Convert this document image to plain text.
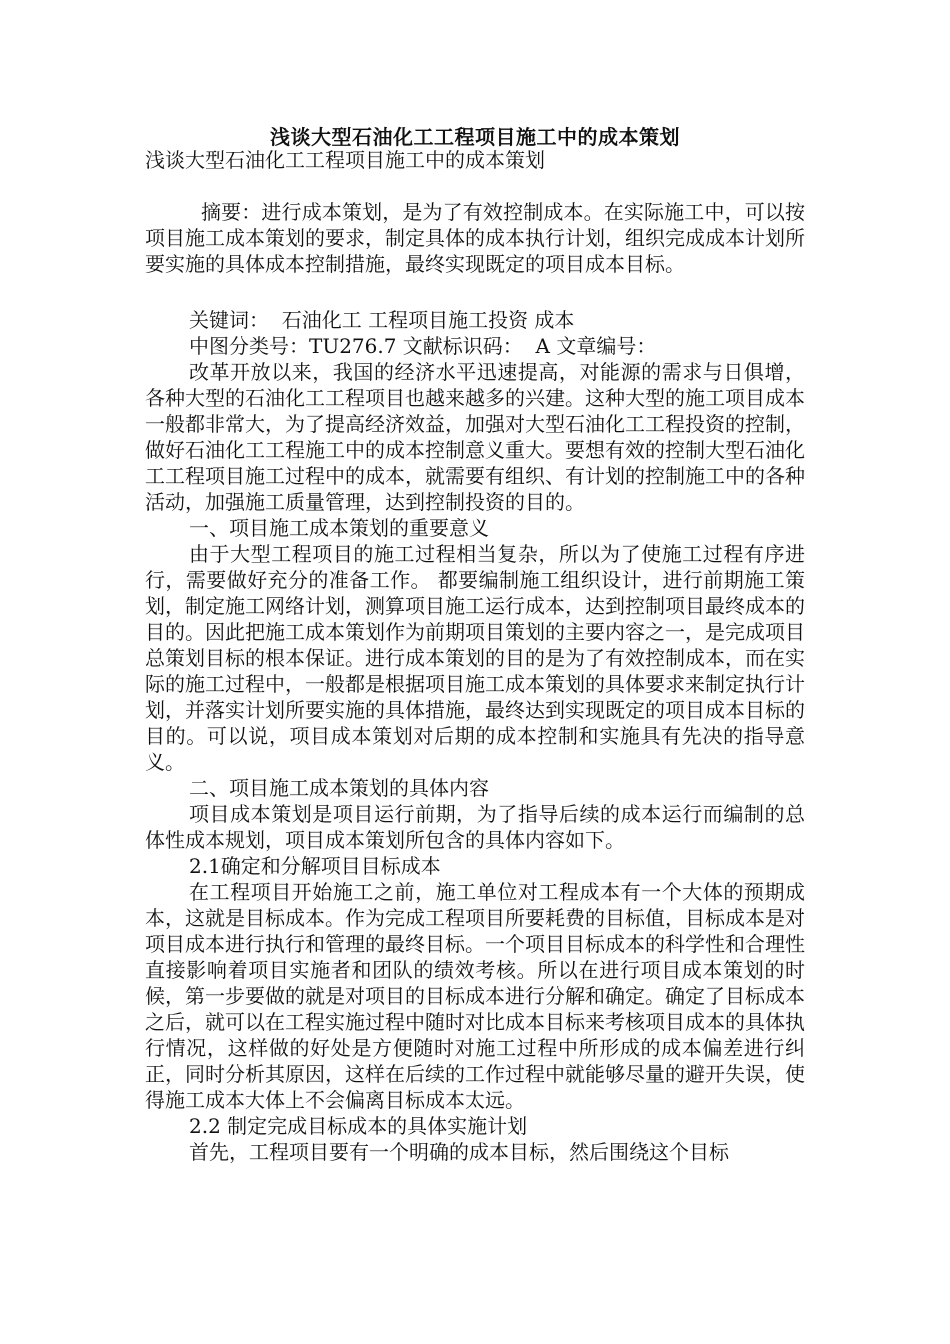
浅谈大型石油化工工程项目施工中的成本策划

浅谈大型石油化工工程项目施工中的成本策划

摘要：进行成本策划，是为了有效控制成本。在实际施工中，可以按项目施工成本策划的要求，制定具体的成本执行计划，组织完成成本计划所要实施的具体成本控制措施，最终实现既定的项目成本目标。

关键词：  石油化工 工程项目施工投资 成本

中图分类号：TU276.7 文献标识码：  A 文章编号：

改革开放以来，我国的经济水平迅速提高，对能源的需求与日俱增，各种大型的石油化工工程项目也越来越多的兴建。这种大型的施工项目成本一般都非常大，为了提高经济效益，加强对大型石油化工工程投资的控制，做好石油化工工程施工中的成本控制意义重大。要想有效的控制大型石油化工工程项目施工过程中的成本，就需要有组织、有计划的控制施工中的各种活动，加强施工质量管理，达到控制投资的目的。

一、项目施工成本策划的重要意义

由于大型工程项目的施工过程相当复杂，所以为了使施工过程有序进行，需要做好充分的准备工作。 都要编制施工组织设计，进行前期施工策划，制定施工网络计划，测算项目施工运行成本，达到控制项目最终成本的目的。因此把施工成本策划作为前期项目策划的主要内容之一，是完成项目总策划目标的根本保证。进行成本策划的目的是为了有效控制成本，而在实际的施工过程中，一般都是根据项目施工成本策划的具体要求来制定执行计划，并落实计划所要实施的具体措施，最终达到实现既定的项目成本目标的目的。可以说，项目成本策划对后期的成本控制和实施具有先决的指导意义。

二、项目施工成本策划的具体内容

项目成本策划是项目运行前期，为了指导后续的成本运行而编制的总体性成本规划，项目成本策划所包含的具体内容如下。

2.1确定和分解项目目标成本

在工程项目开始施工之前，施工单位对工程成本有一个大体的预期成本，这就是目标成本。作为完成工程项目所要耗费的目标值，目标成本是对项目成本进行执行和管理的最终目标。一个项目目标成本的科学性和合理性直接影响着项目实施者和团队的绩效考核。所以在进行项目成本策划的时候，第一步要做的就是对项目的目标成本进行分解和确定。确定了目标成本之后，就可以在工程实施过程中随时对比成本目标来考核项目成本的具体执行情况，这样做的好处是方便随时对施工过程中所形成的成本偏差进行纠正，同时分析其原因，这样在后续的工作过程中就能够尽量的避开失误，使得施工成本大体上不会偏离目标成本太远。

2.2 制定完成目标成本的具体实施计划

首先，工程项目要有一个明确的成本目标，然后围绕这个目标
